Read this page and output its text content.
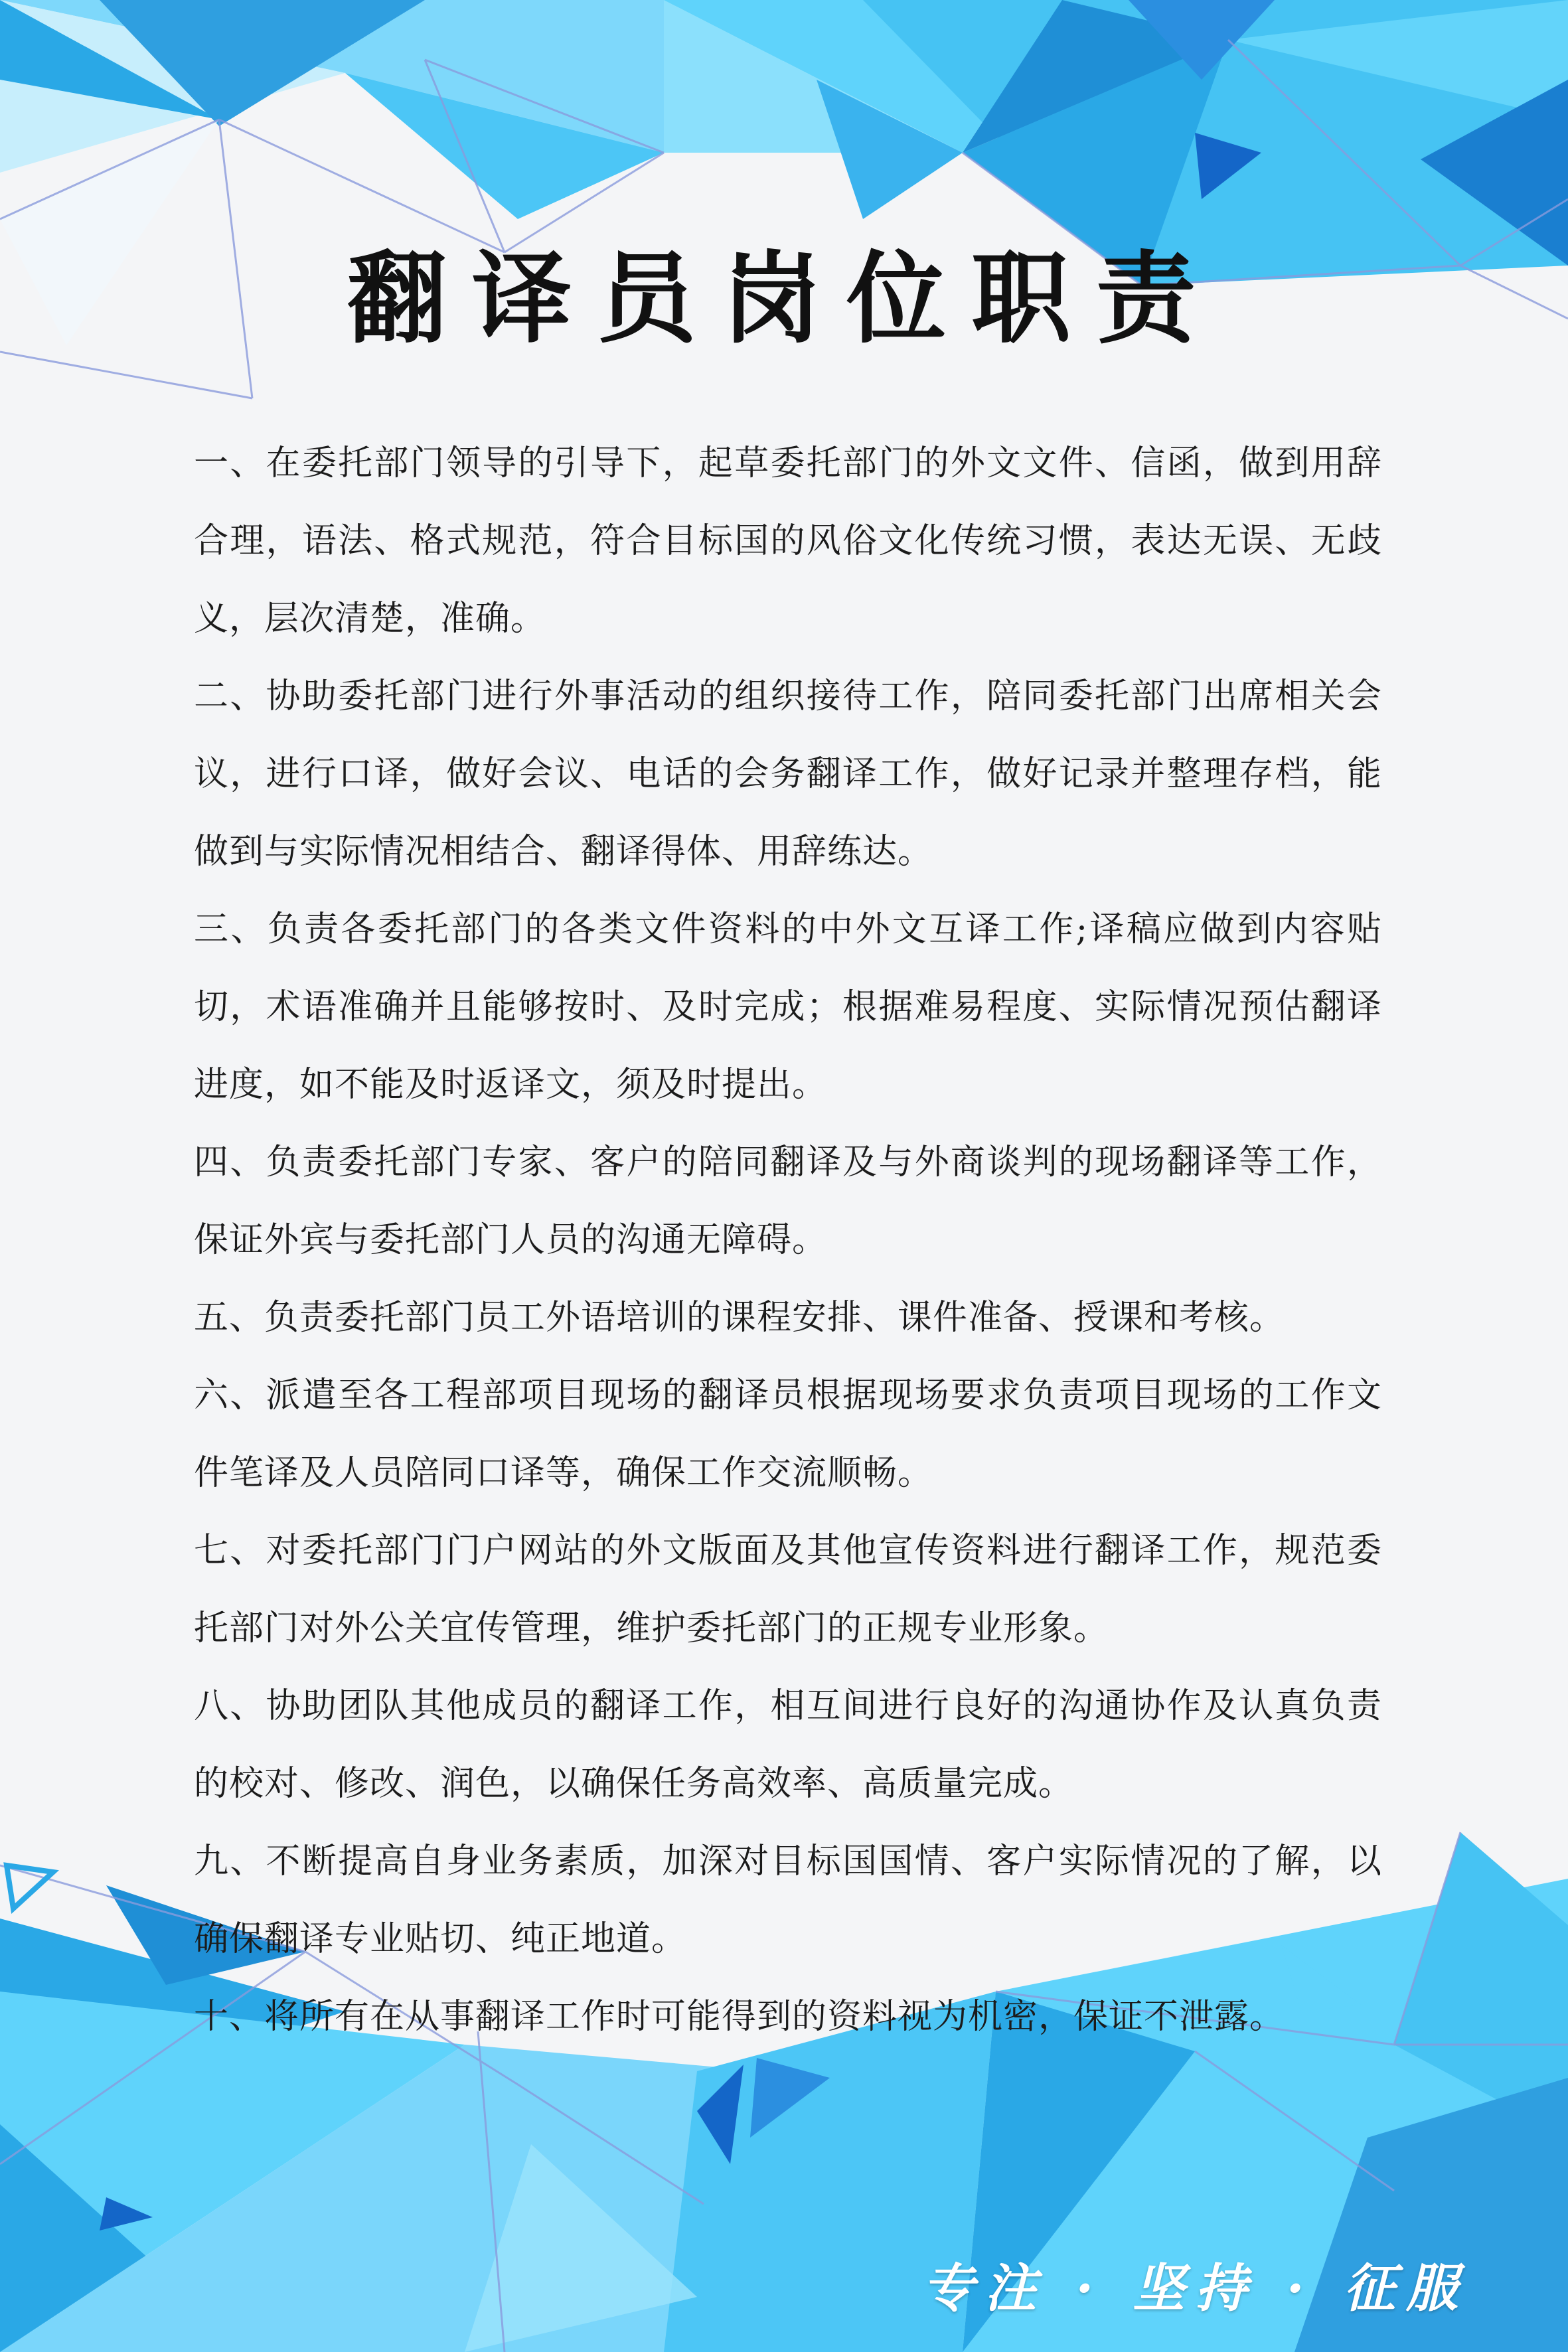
翻译员岗位职责

一、在委托部门领导的引导下，起草委托部门的外文文件、信函，做到用辞合理，语法、格式规范，符合目标国的风俗文化传统习惯，表达无误、无歧义，层次清楚，准确。

二、协助委托部门进行外事活动的组织接待工作，陪同委托部门出席相关会议，进行口译，做好会议、电话的会务翻译工作，做好记录并整理存档，能做到与实际情况相结合、翻译得体、用辞练达。

三、负责各委托部门的各类文件资料的中外文互译工作;译稿应做到内容贴切，术语准确并且能够按时、及时完成；根据难易程度、实际情况预估翻译进度，如不能及时返译文，须及时提出。

四、负责委托部门专家、客户的陪同翻译及与外商谈判的现场翻译等工作，保证外宾与委托部门人员的沟通无障碍。

五、负责委托部门员工外语培训的课程安排、课件准备、授课和考核。

六、派遣至各工程部项目现场的翻译员根据现场要求负责项目现场的工作文件笔译及人员陪同口译等，确保工作交流顺畅。

七、对委托部门门户网站的外文版面及其他宣传资料进行翻译工作，规范委托部门对外公关宜传管理，维护委托部门的正规专业形象。

八、协助团队其他成员的翻译工作，相互间进行良好的沟通协作及认真负责的校对、修改、润色，以确保任务高效率、高质量完成。

九、不断提高自身业务素质，加深对目标国国情、客户实际情况的了解，以确保翻译专业贴切、纯正地道。

十、将所有在从事翻译工作时可能得到的资料视为机密，保证不泄露。

专注 · 坚持 · 征服
